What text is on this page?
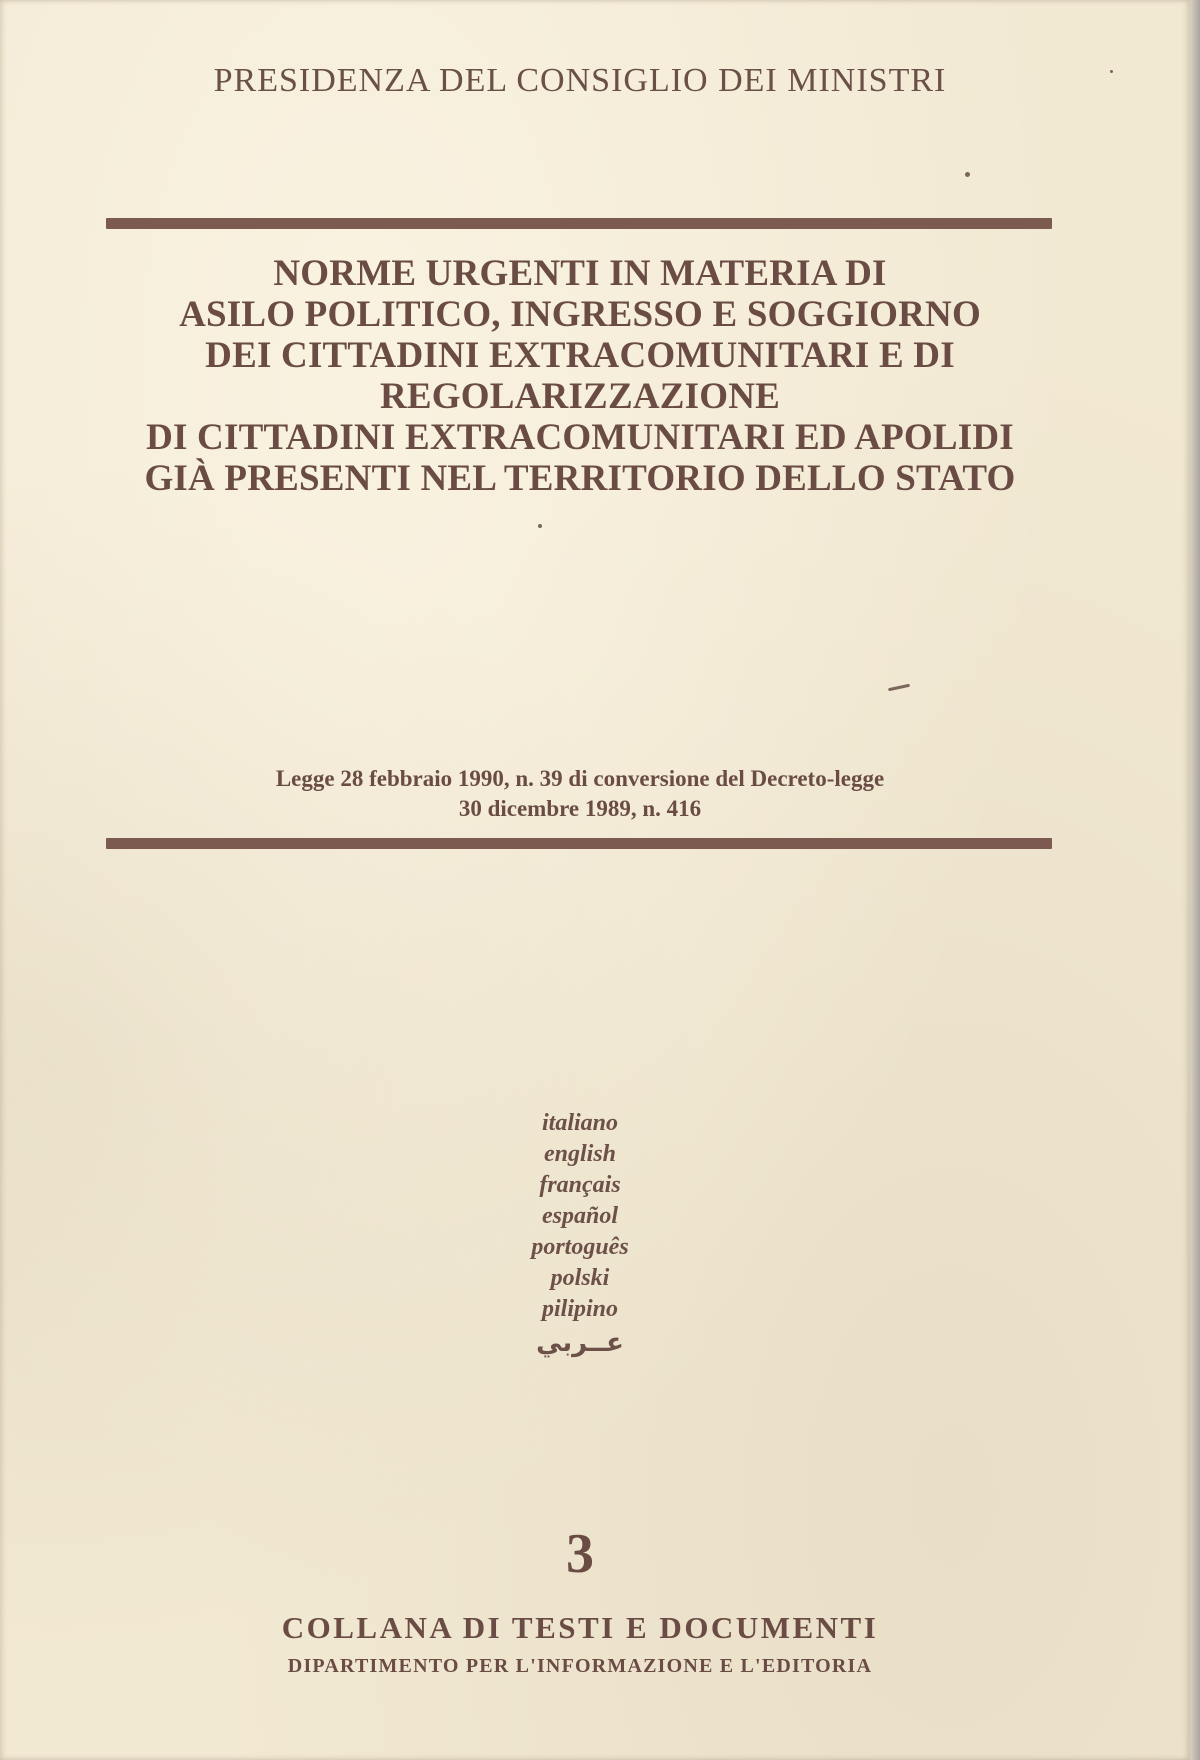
PRESIDENZA DEL CONSIGLIO DEI MINISTRI
NORME URGENTI IN MATERIA DI
ASILO POLITICO, INGRESSO E SOGGIORNO
DEI CITTADINI EXTRACOMUNITARI E DI
REGOLARIZZAZIONE
DI CITTADINI EXTRACOMUNITARI ED APOLIDI
GIÀ PRESENTI NEL TERRITORIO DELLO STATO
Legge 28 febbraio 1990, n. 39 di conversione del Decreto-legge
30 dicembre 1989, n. 416
italiano
english
français
español
portoguês
polski
pilipino
عــربي
3
COLLANA DI TESTI E DOCUMENTI
DIPARTIMENTO PER L'INFORMAZIONE E L'EDITORIA
